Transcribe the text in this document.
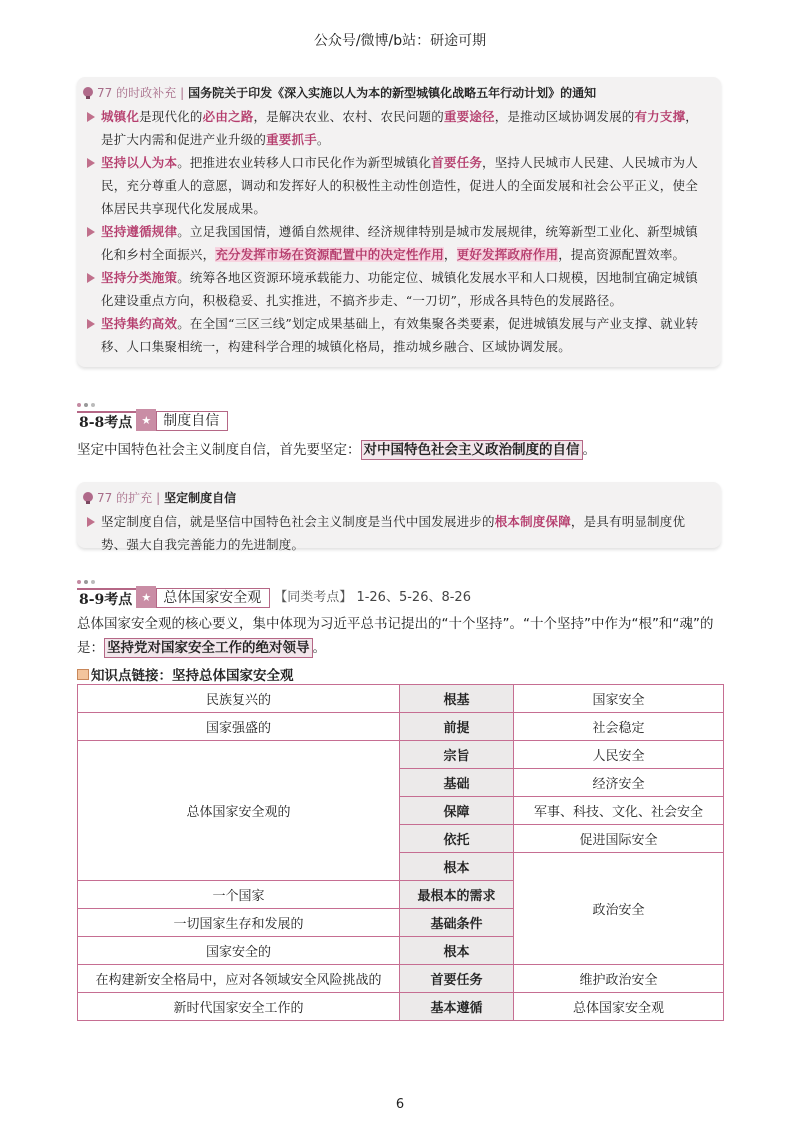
公众号/微博/b站：研途可期
77 的时政补充 | 国务院关于印发《深入实施以人为本的新型城镇化战略五年行动计划》的通知
城镇化是现代化的必由之路，是解决农业、农村、农民问题的重要途径，是推动区域协调发展的有力支撑，是扩大内需和促进产业升级的重要抓手。
坚持以人为本。把推进农业转移人口市民化作为新型城镇化首要任务，坚持人民城市人民建、人民城市为人民，充分尊重人的意愿，调动和发挥好人的积极性主动性创造性，促进人的全面发展和社会公平正义，使全体居民共享现代化发展成果。
坚持遵循规律。立足我国国情，遵循自然规律、经济规律特别是城市发展规律，统筹新型工业化、新型城镇化和乡村全面振兴，充分发挥市场在资源配置中的决定性作用，更好发挥政府作用，提高资源配置效率。
坚持分类施策。统筹各地区资源环境承载能力、功能定位、城镇化发展水平和人口规模，因地制宜确定城镇化建设重点方向，积极稳妥、扎实推进，不搞齐步走、“一刀切”，形成各具特色的发展路径。
坚持集约高效。在全国“三区三线”划定成果基础上，有效集聚各类要素，促进城镇发展与产业支撑、就业转移、人口集聚相统一，构建科学合理的城镇化格局，推动城乡融合、区域协调发展。
8-8考点 ★ 制度自信
坚定中国特色社会主义制度自信，首先要坚定： 对中国特色社会主义政治制度的自信 。
77 的扩充 | 坚定制度自信
坚定制度自信，就是坚信中国特色社会主义制度是当代中国发展进步的根本制度保障，是具有明显制度优势、强大自我完善能力的先进制度。
8-9考点 ★ 总体国家安全观	【同类考点】 1-26、5-26、8-26
总体国家安全观的核心要义，集中体现为习近平总书记提出的“十个坚持”。“十个坚持”中作为“根”和“魂”的是： 坚持党对国家安全工作的绝对领导 。
知识点链接：坚持总体国家安全观
民族复兴的	根基	国家安全
国家强盛的	前提	社会稳定
总体国家安全观的	宗旨	人民安全
	基础	经济安全
	保障	军事、科技、文化、社会安全
	依托	促进国际安全
	根本	政治安全
一个国家	最根本的需求	
一切国家生存和发展的	基础条件	
国家安全的	根本	
在构建新安全格局中，应对各领域安全风险挑战的	首要任务	维护政治安全
新时代国家安全工作的	基本遵循	总体国家安全观
6
